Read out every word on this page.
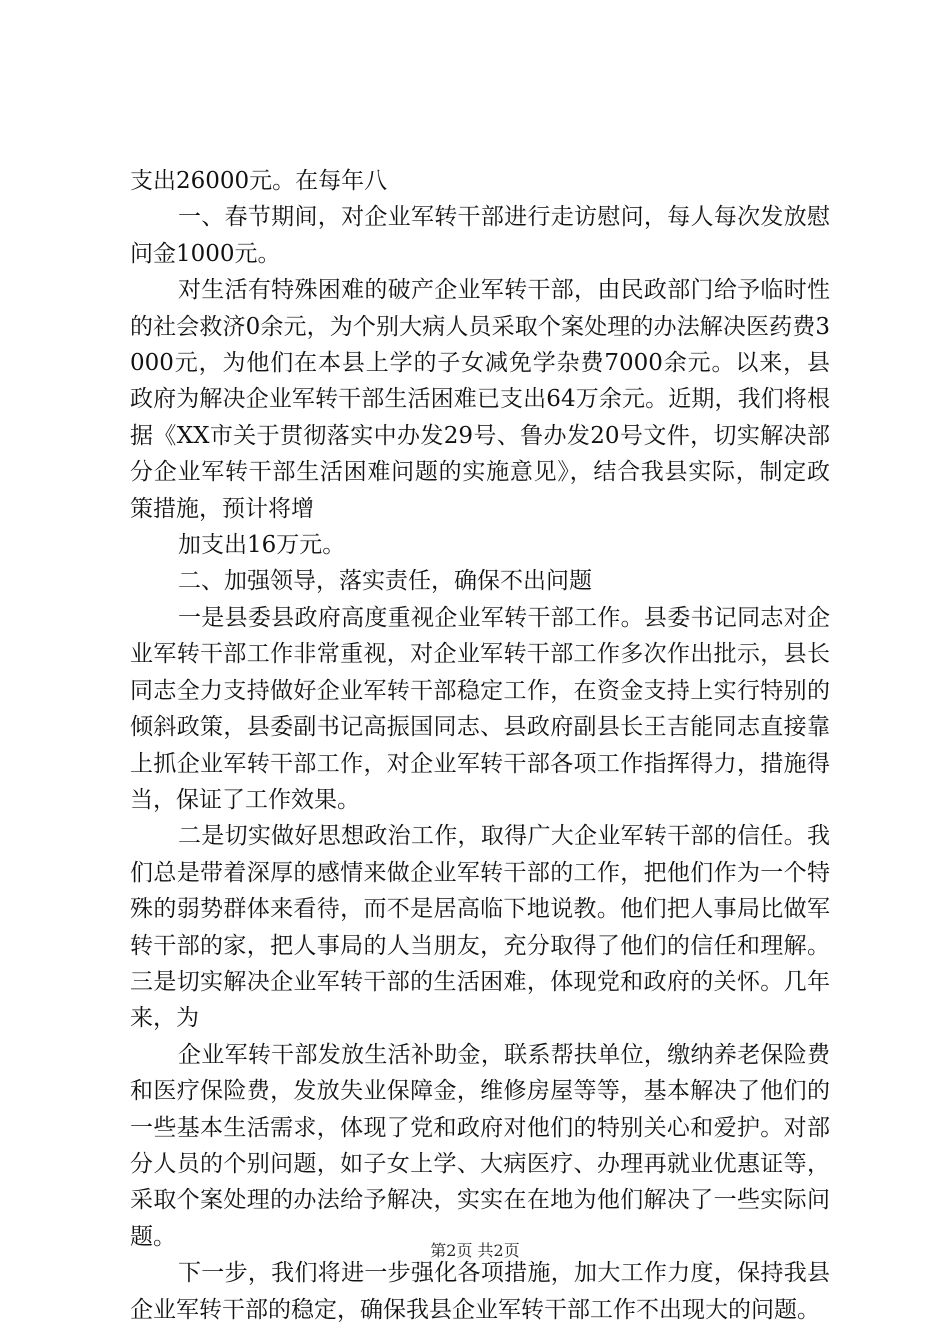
支出26000元。在每年八

一、春节期间，对企业军转干部进行走访慰问，每人每次发放慰问金1000元。

对生活有特殊困难的破产企业军转干部，由民政部门给予临时性的社会救济0余元，为个别大病人员采取个案处理的办法解决医药费3000元，为他们在本县上学的子女减免学杂费7000余元。以来，县政府为解决企业军转干部生活困难已支出64万余元。近期，我们将根据《XX市关于贯彻落实中办发29号、鲁办发20号文件，切实解决部分企业军转干部生活困难问题的实施意见》，结合我县实际，制定政策措施，预计将增

加支出16万元。

二、加强领导，落实责任，确保不出问题

一是县委县政府高度重视企业军转干部工作。县委书记同志对企业军转干部工作非常重视，对企业军转干部工作多次作出批示，县长同志全力支持做好企业军转干部稳定工作，在资金支持上实行特别的倾斜政策，县委副书记高振国同志、县政府副县长王吉能同志直接靠上抓企业军转干部工作，对企业军转干部各项工作指挥得力，措施得当，保证了工作效果。

二是切实做好思想政治工作，取得广大企业军转干部的信任。我们总是带着深厚的感情来做企业军转干部的工作，把他们作为一个特殊的弱势群体来看待，而不是居高临下地说教。他们把人事局比做军转干部的家，把人事局的人当朋友，充分取得了他们的信任和理解。三是切实解决企业军转干部的生活困难，体现党和政府的关怀。几年来，为

企业军转干部发放生活补助金，联系帮扶单位，缴纳养老保险费和医疗保险费，发放失业保障金，维修房屋等等，基本解决了他们的一些基本生活需求，体现了党和政府对他们的特别关心和爱护。对部分人员的个别问题，如子女上学、大病医疗、办理再就业优惠证等，采取个案处理的办法给予解决，实实在在地为他们解决了一些实际问题。

下一步，我们将进一步强化各项措施，加大工作力度，保持我县企业军转干部的稳定，确保我县企业军转干部工作不出现大的问题。

第2页 共2页
